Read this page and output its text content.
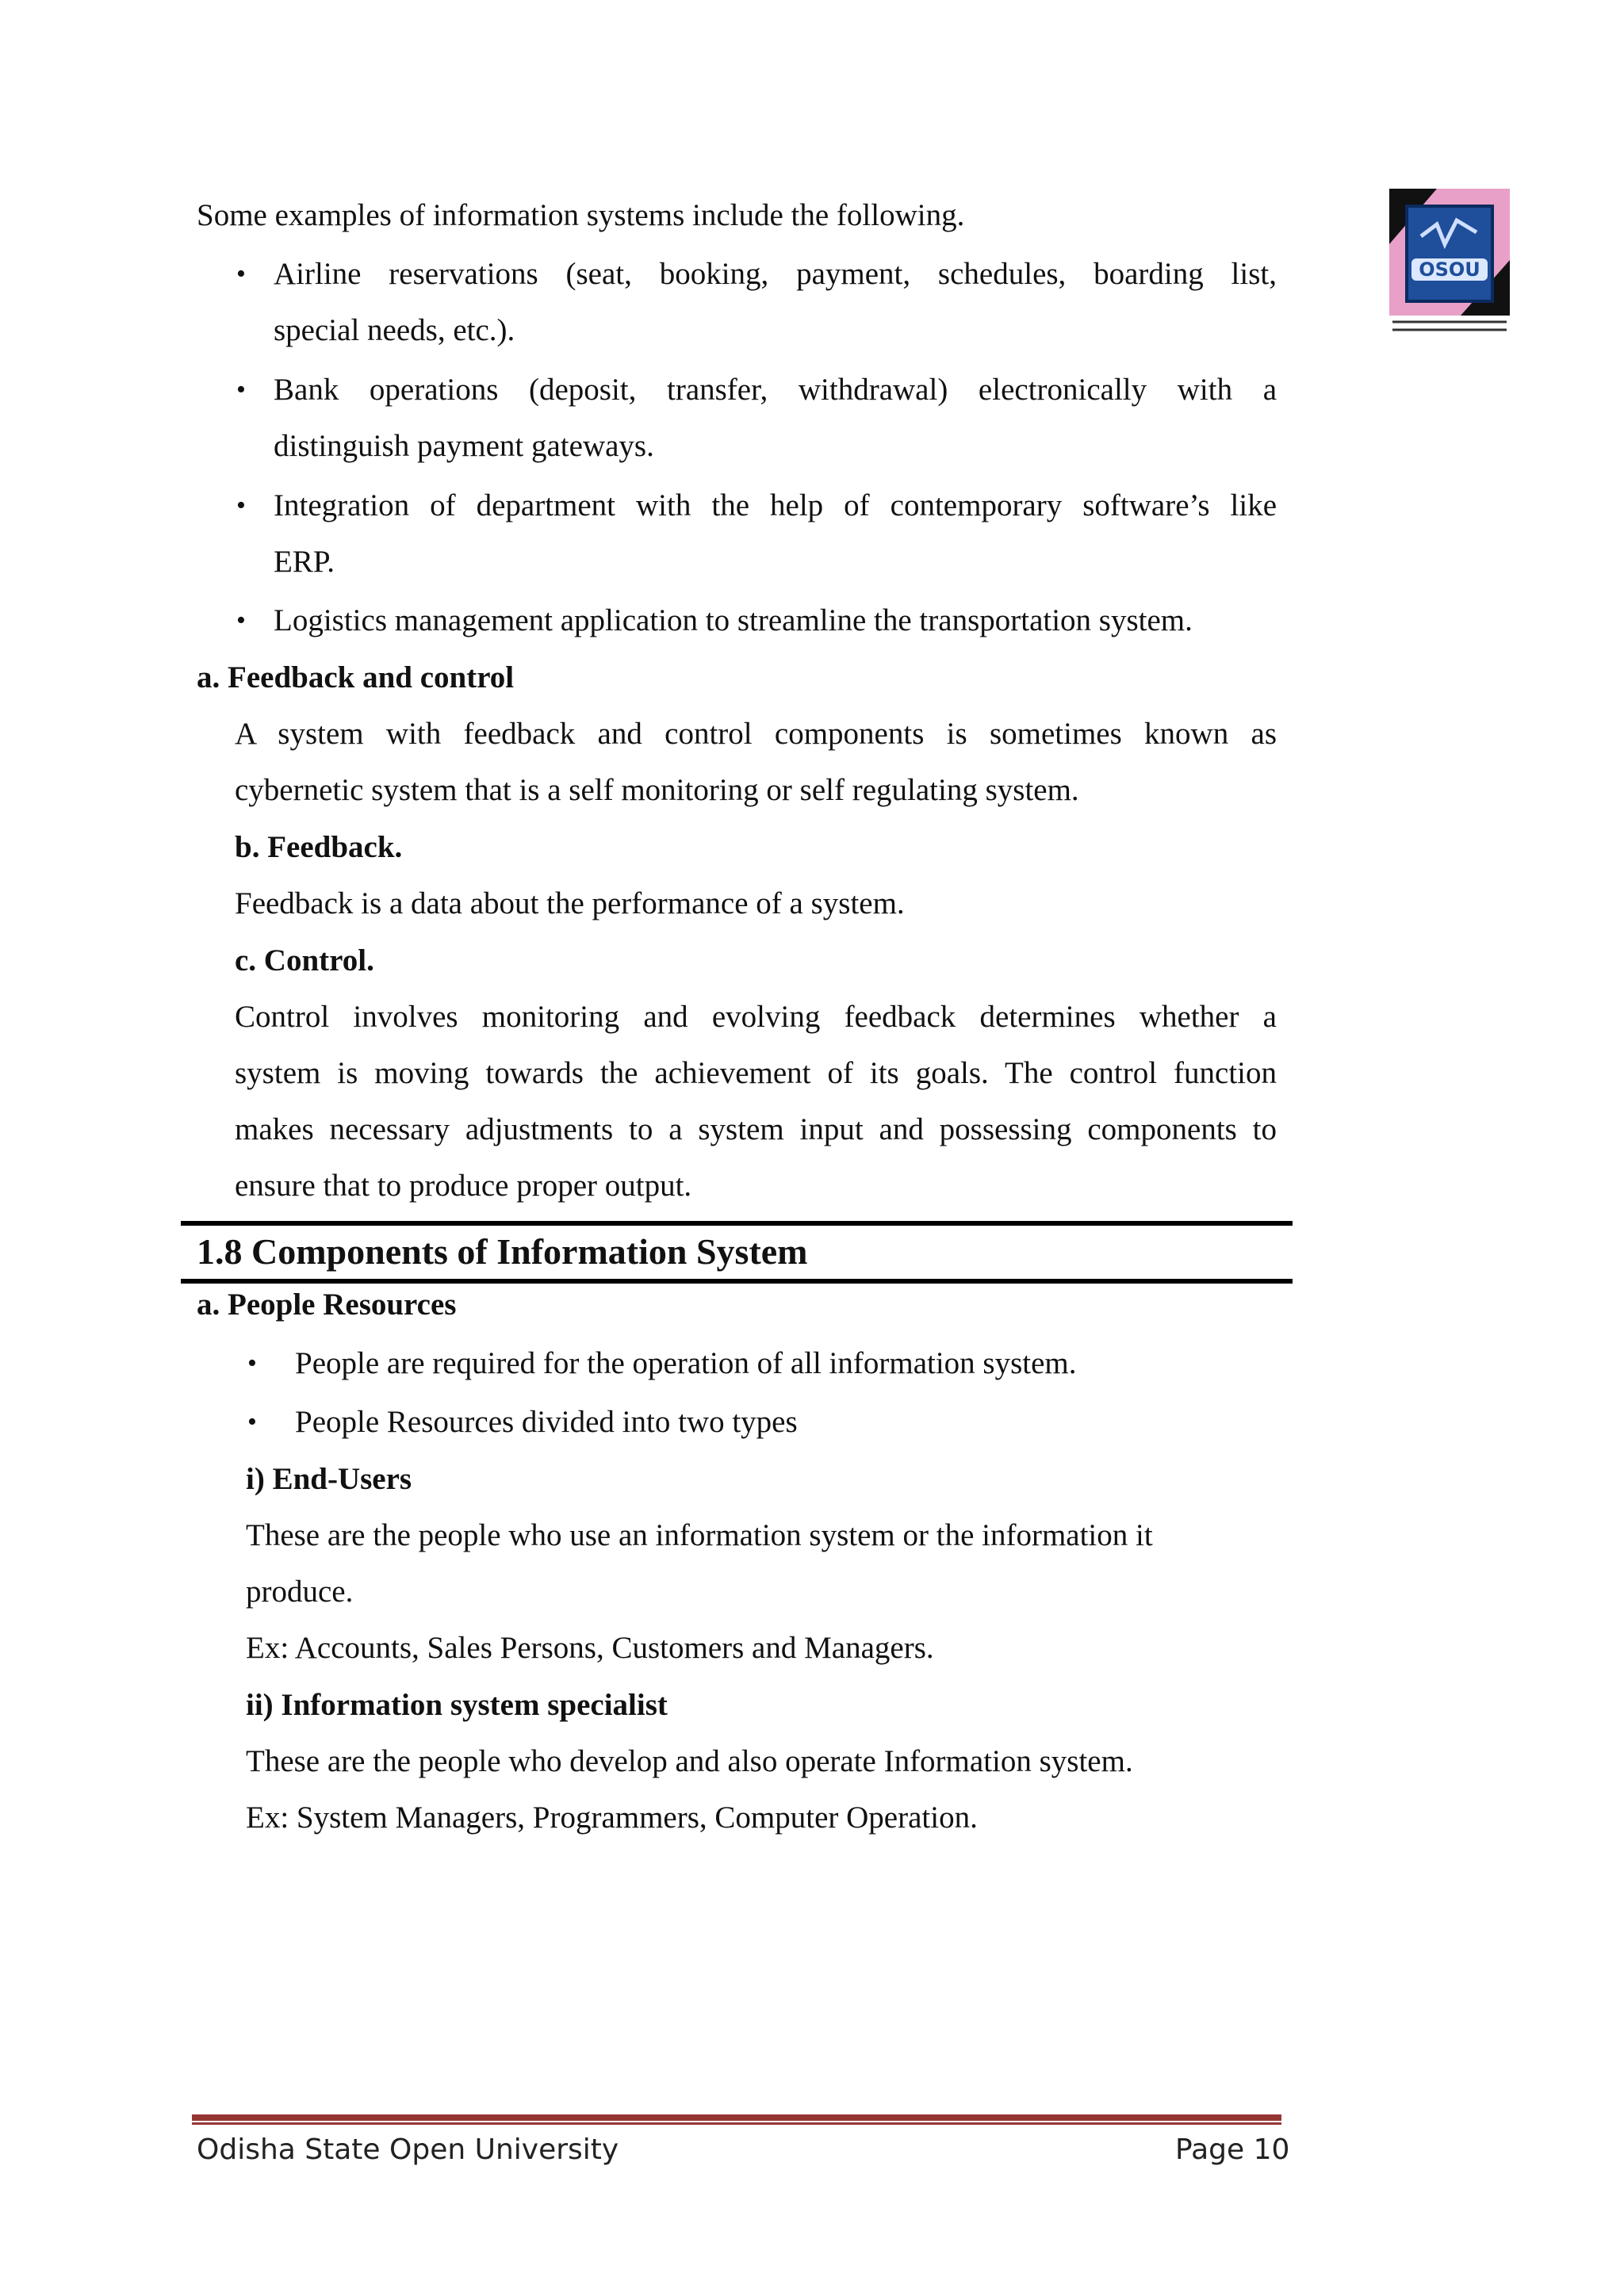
OSOU
Some examples of information systems include the following.
• Airline reservations (seat, booking, payment, schedules, boarding list,
special needs, etc.).
• Bank operations (deposit, transfer, withdrawal) electronically with a
distinguish payment gateways.
• Integration of department with the help of contemporary software’s like
ERP.
• Logistics management application to streamline the transportation system.
a. Feedback and control
A system with feedback and control components is sometimes known as
cybernetic system that is a self monitoring or self regulating system.
b. Feedback.
Feedback is a data about the performance of a system.
c. Control.
Control involves monitoring and evolving feedback determines whether a
system is moving towards the achievement of its goals. The control function
makes necessary adjustments to a system input and possessing components to
ensure that to produce proper output.
1.8 Components of Information System
a. People Resources
• People are required for the operation of all information system.
• People Resources divided into two types
i) End-Users
These are the people who use an information system or the information it
produce.
Ex: Accounts, Sales Persons, Customers and Managers.
ii) Information system specialist
These are the people who develop and also operate Information system.
Ex: System Managers, Programmers, Computer Operation.
Odisha State Open University	Page 10
